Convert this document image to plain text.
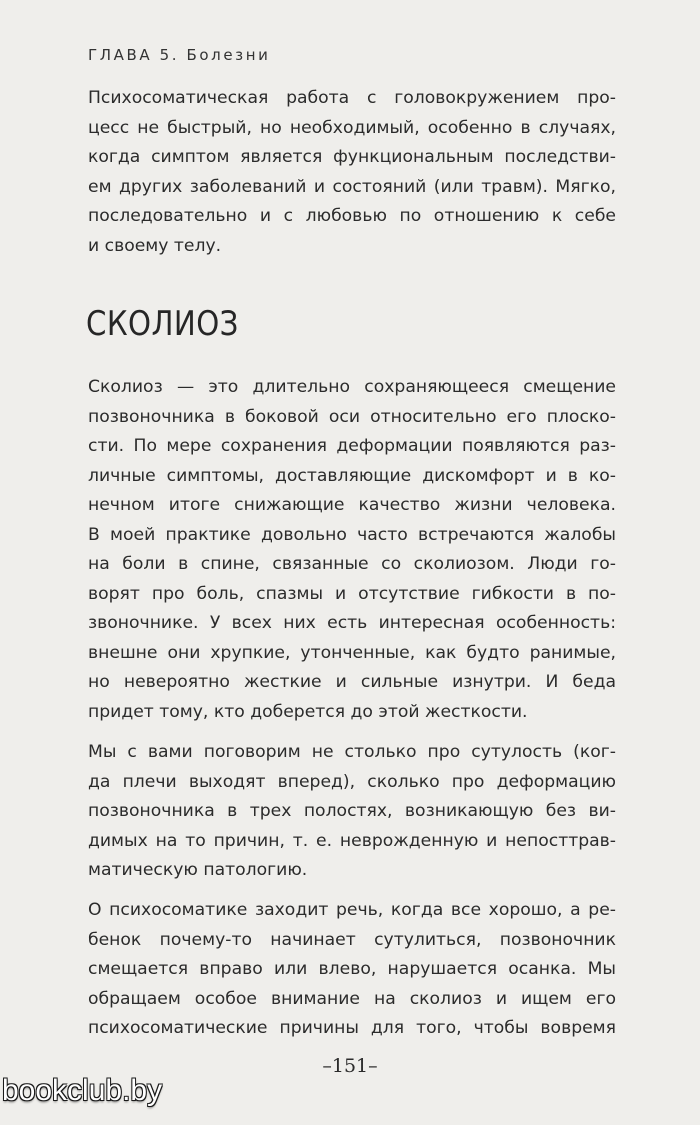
ГЛАВА 5. Болезни
Психосоматическая работа с головокружением про-
цесс не быстрый, но необходимый, особенно в случаях,
когда симптом является функциональным последстви-
ем других заболеваний и состояний (или травм). Мягко,
последовательно и с любовью по отношению к себе
и своему телу.
СКОЛИОЗ
Сколиоз — это длительно сохраняющееся смещение
позвоночника в боковой оси относительно его плоско-
сти. По мере сохранения деформации появляются раз-
личные симптомы, доставляющие дискомфорт и в ко-
нечном итоге снижающие качество жизни человека.
В моей практике довольно часто встречаются жалобы
на боли в спине, связанные со сколиозом. Люди го-
ворят про боль, спазмы и отсутствие гибкости в по-
звоночнике. У всех них есть интересная особенность:
внешне они хрупкие, утонченные, как будто ранимые,
но невероятно жесткие и сильные изнутри. И беда
придет тому, кто доберется до этой жесткости.
Мы с вами поговорим не столько про сутулость (ког-
да плечи выходят вперед), сколько про деформацию
позвоночника в трех полостях, возникающую без ви-
димых на то причин, т. е. неврожденную и непосттрав-
матическую патологию.
О психосоматике заходит речь, когда все хорошо, а ре-
бенок почему-то начинает сутулиться, позвоночник
смещается вправо или влево, нарушается осанка. Мы
обращаем особое внимание на сколиоз и ищем его
психосоматические причины для того, чтобы вовремя
–151–
bookclub.by
